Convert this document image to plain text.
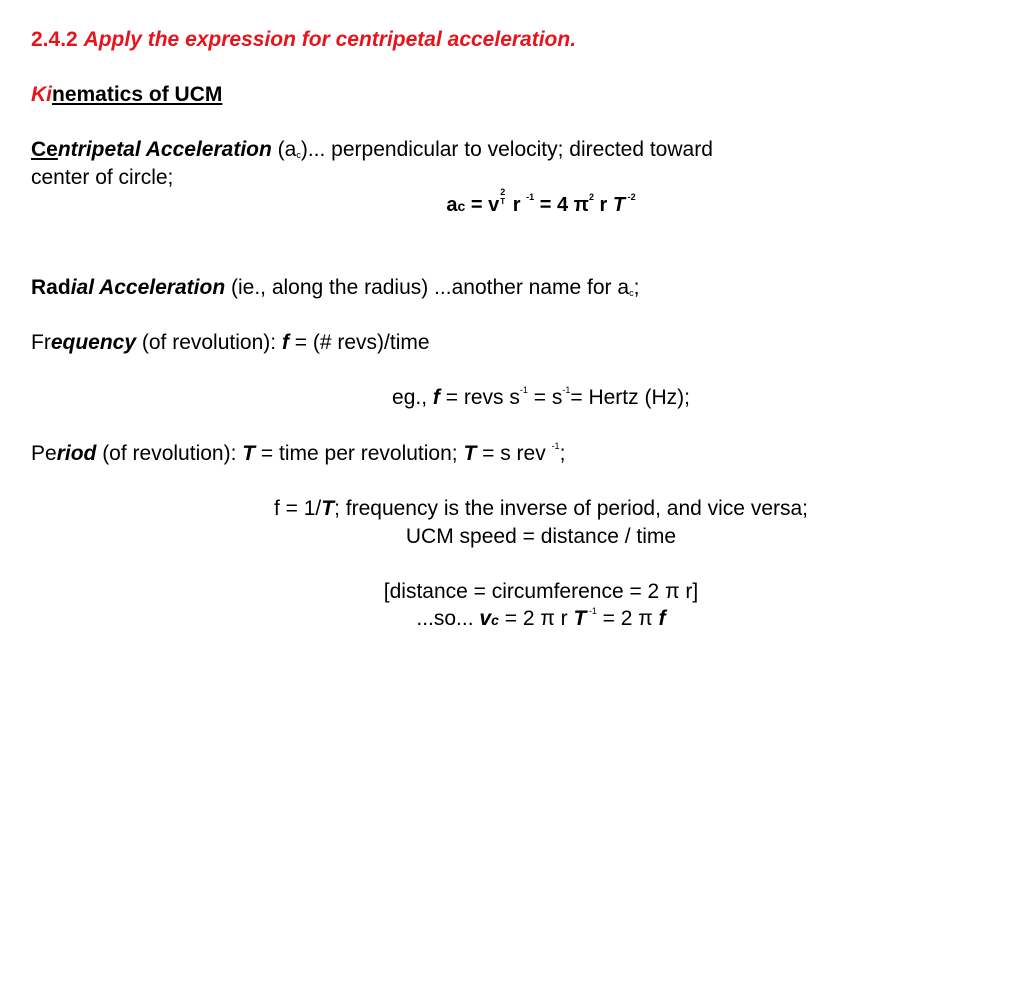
2.4.2 Apply the expression for centripetal acceleration.
Kinematics of UCM
Centripetal Acceleration $(a_c)$... perpendicular to velocity; directed toward
center of circle;
ac = v
2
T r $^{-1}$ = 4 $\pi^2$ r T $^{-2}$
Radial Acceleration (ie., along the radius) ...another name for $a_c$;
Frequency (of revolution): f = (# revs)/time
eg., f = revs $s^{-1} = s^{-1}=$ Hertz (Hz);
Period (of revolution): T = time per revolution; T = s rev $^{-1}$;
f = 1/T; frequency is the inverse of period, and vice versa;
UCM speed = distance / time
[distance = circumference = 2 π r]
...so... vc = 2 π r T $^{-1}$ = 2 π f
